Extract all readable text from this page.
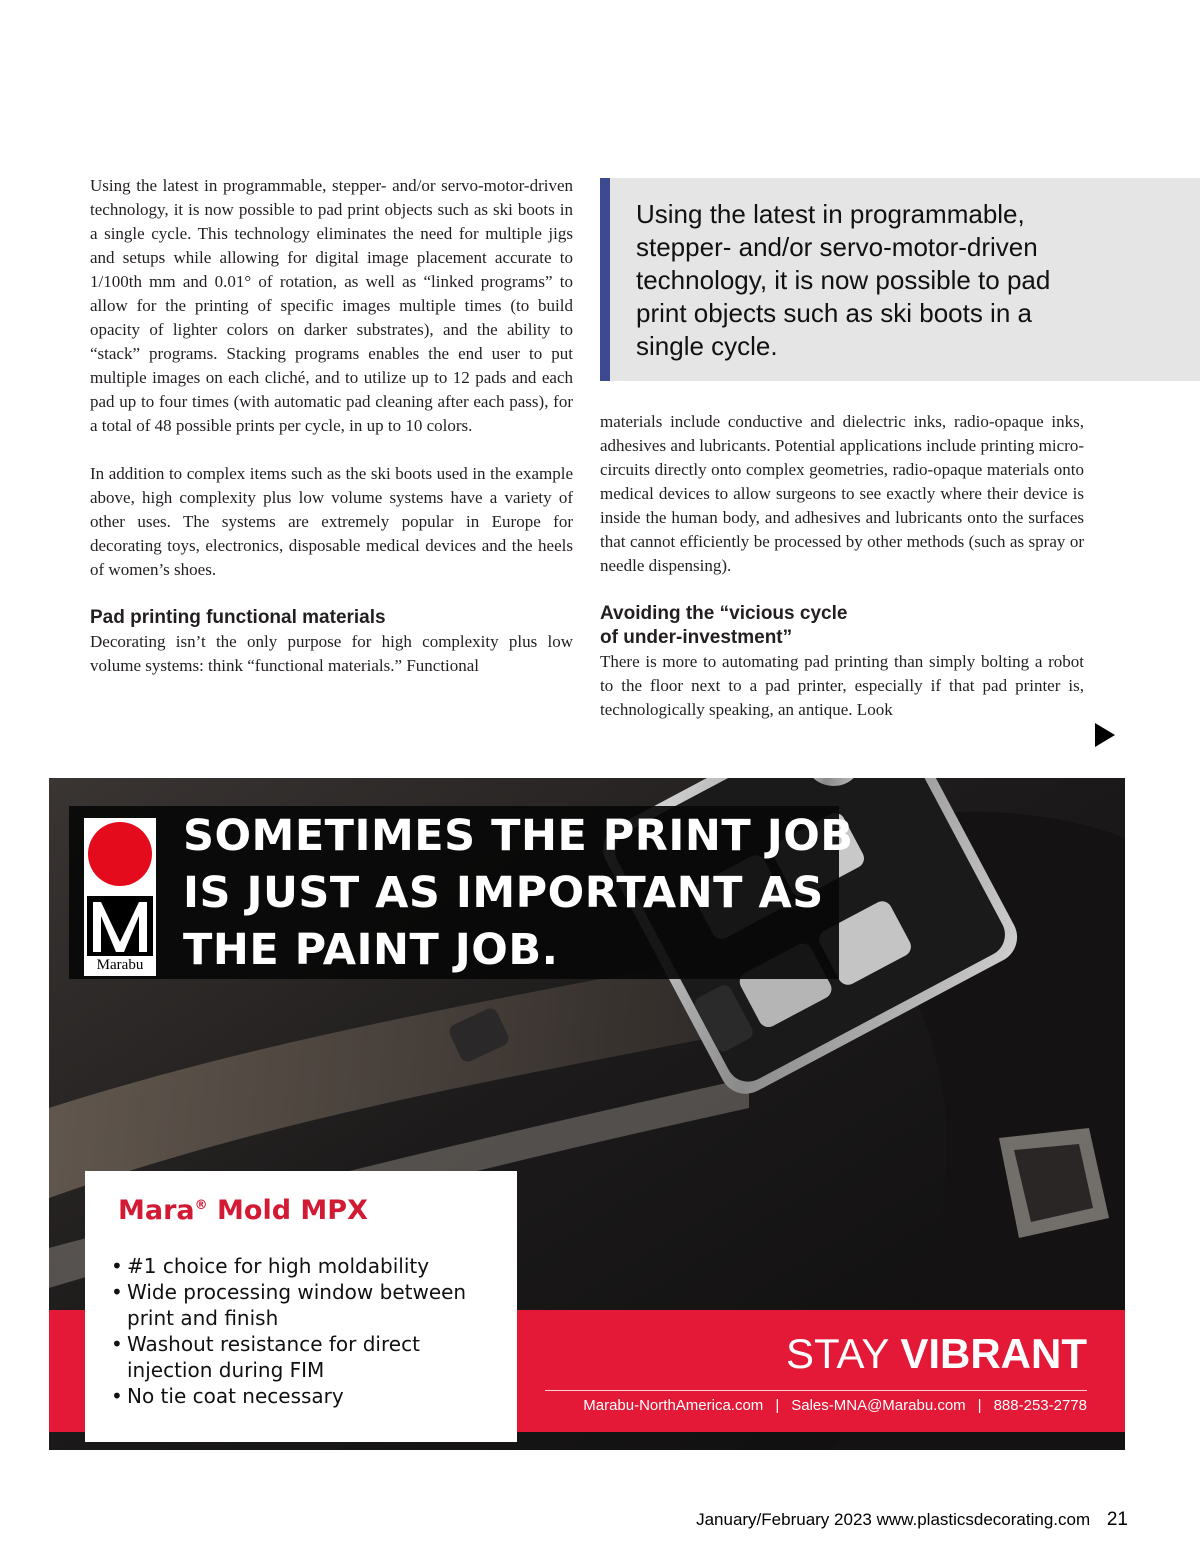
Using the latest in programmable, stepper- and/or servo-motor-driven technology, it is now possible to pad print objects such as ski boots in a single cycle. This technology eliminates the need for multiple jigs and setups while allowing for digital image placement accurate to 1/100th mm and 0.01° of rotation, as well as “linked programs” to allow for the printing of specific images multiple times (to build opacity of lighter colors on darker substrates), and the ability to “stack” programs. Stacking programs enables the end user to put multiple images on each cliché, and to utilize up to 12 pads and each pad up to four times (with automatic pad cleaning after each pass), for a total of 48 possible prints per cycle, in up to 10 colors.

In addition to complex items such as the ski boots used in the example above, high complexity plus low volume systems have a variety of other uses. The systems are extremely popular in Europe for decorating toys, electronics, disposable medical devices and the heels of women’s shoes.

Pad printing functional materials

Decorating isn’t the only purpose for high complexity plus low volume systems: think “functional materials.” Functional

Using the latest in programmable, stepper- and/or servo-motor-driven technology, it is now possible to pad print objects such as ski boots in a single cycle.

materials include conductive and dielectric inks, radio-opaque inks, adhesives and lubricants. Potential applications include printing micro-circuits directly onto complex geometries, radio-opaque materials onto medical devices to allow surgeons to see exactly where their device is inside the human body, and adhesives and lubricants onto the surfaces that cannot efficiently be processed by other methods (such as spray or needle dispensing).

Avoiding the “vicious cycle
of under-investment”

There is more to automating pad printing than simply bolting a robot to the floor next to a pad printer, especially if that pad printer is, technologically speaking, an antique. Look

Marabu
SOMETIMES THE PRINT JOB
IS JUST AS IMPORTANT AS
THE PAINT JOB.
STAY VIBRANT
Marabu-NorthAmerica.com | Sales-MNA@Marabu.com | 888-253-2778
Mara® Mold MPX
• #1 choice for high moldability
• Wide processing window between print and finish
• Washout resistance for direct injection during FIM
• No tie coat necessary
January/February 2023 www.plasticsdecorating.com 21
